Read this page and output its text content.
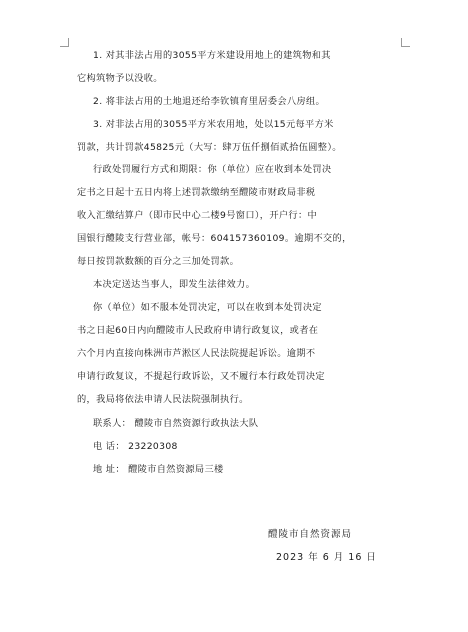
1. 对其非法占用的3055平方米建设用地上的建筑物和其
它构筑物予以没收。
2. 将非法占用的土地退还给李钦镇育里居委会八房组。
3. 对非法占用的3055平方米农用地，处以15元每平方米
罚款，共计罚款45825元（大写：肆万伍仟捌佰贰拾伍圆整）。
行政处罚履行方式和期限：你（单位）应在收到本处罚决
定书之日起十五日内将上述罚款缴纳至醴陵市财政局非税
收入汇缴结算户（即市民中心二楼9号窗口），开户行：中
国银行醴陵支行营业部，帐号：604157360109。逾期不交的，
每日按罚款数额的百分之三加处罚款。
本决定送达当事人，即发生法律效力。
你（单位）如不服本处罚决定，可以在收到本处罚决定
书之日起60日内向醴陵市人民政府申请行政复议，或者在
六个月内直接向株洲市芦淞区人民法院提起诉讼。逾期不
申请行政复议，不提起行政诉讼，又不履行本行政处罚决定
的，我局将依法申请人民法院强制执行。
联系人： 醴陵市自然资源行政执法大队
电 话： 23220308
地 址： 醴陵市自然资源局三楼
醴陵市自然资源局
2023 年 6 月 16 日
